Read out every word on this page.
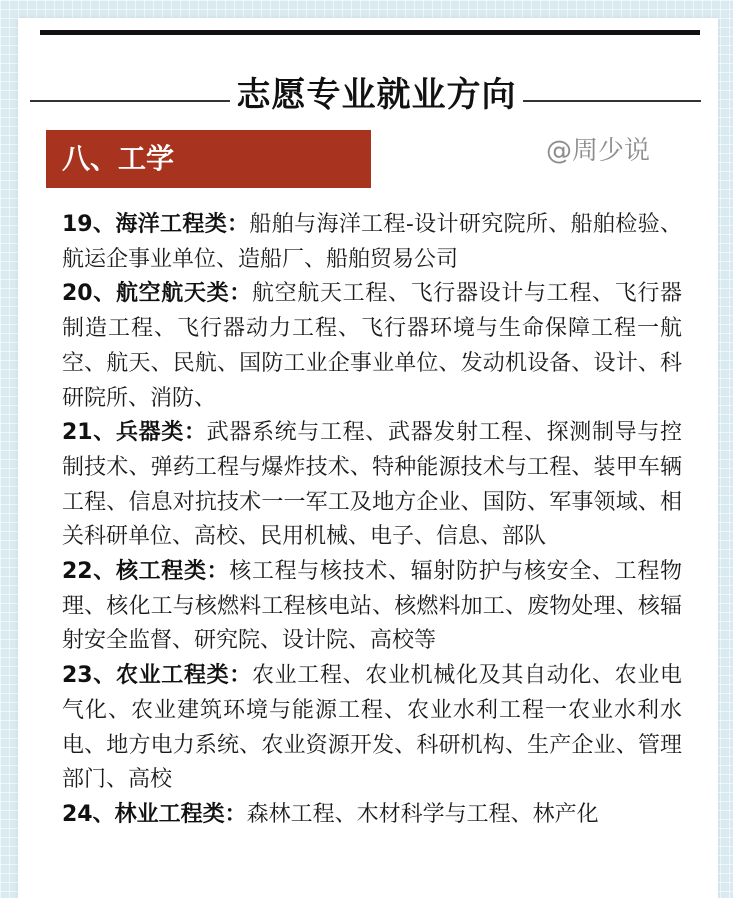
志愿专业就业方向
八、工学	@周少说

19、海洋工程类：船舶与海洋工程-设计研究院所、船舶检验、航运企事业单位、造船厂、船舶贸易公司

20、航空航天类：航空航天工程、飞行器设计与工程、飞行器制造工程、飞行器动力工程、飞行器环境与生命保障工程一航空、航天、民航、国防工业企事业单位、发动机设备、设计、科研院所、消防、

21、兵器类：武器系统与工程、武器发射工程、探测制导与控制技术、弹药工程与爆炸技术、特种能源技术与工程、装甲车辆工程、信息对抗技术一一军工及地方企业、国防、军事领域、相关科研单位、高校、民用机械、电子、信息、部队

22、核工程类：核工程与核技术、辐射防护与核安全、工程物理、核化工与核燃料工程核电站、核燃料加工、废物处理、核辐射安全监督、研究院、设计院、高校等

23、农业工程类：农业工程、农业机械化及其自动化、农业电气化、农业建筑环境与能源工程、农业水利工程一农业水利水电、地方电力系统、农业资源开发、科研机构、生产企业、管理部门、高校

24、林业工程类：森林工程、木材科学与工程、林产化
